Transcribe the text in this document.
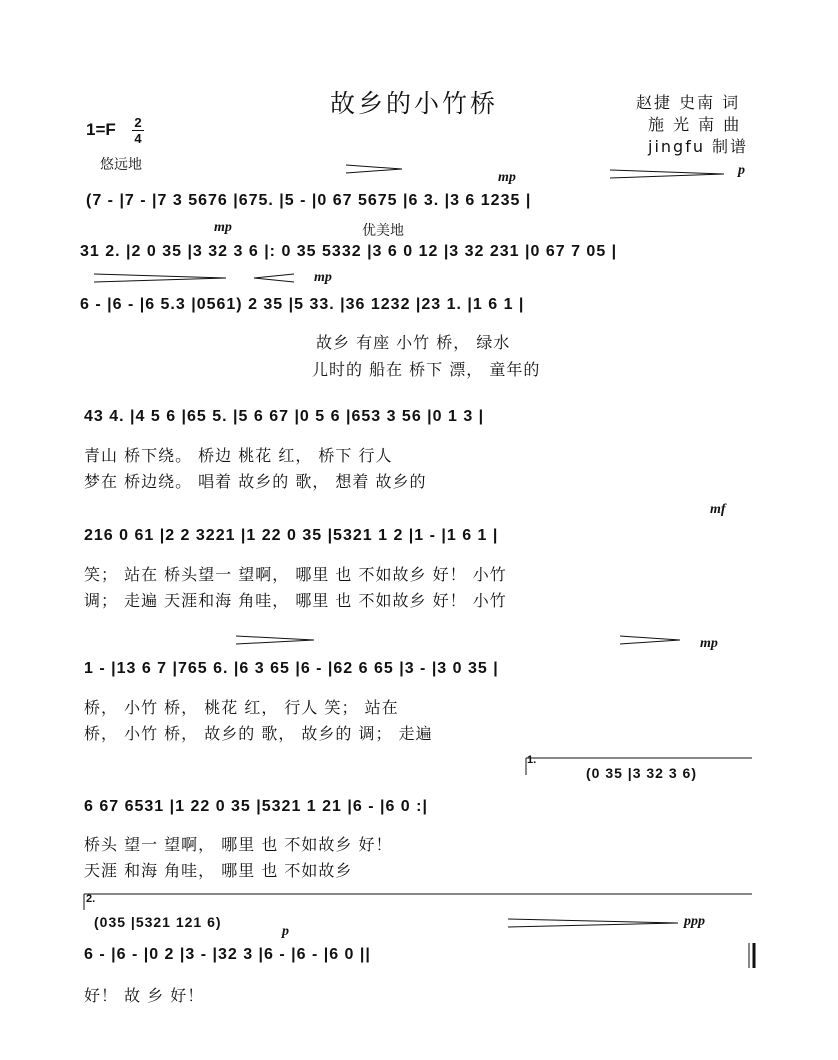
故乡的小竹桥	赵捷 史南 词
施 光 南 曲
jingfu 制谱
1=F 2
4
悠远地
优美地
mp	p
mp
mp
mf
mp
p
ppp
(7 - |7 - |7 3 5676 |675. |5 - |0 67 5675 |6 3. |3 6 1235 |
31 2. |2 0 35 |3 32 3 6 |: 0 35 5332 |3 6 0 12 |3 32 231 |0 67 7 05 |
6 - |6 - |6 5.3 |0561) 2 35 |5 33. |36 1232 |23 1. |1 6 1 |
故乡 有座 小竹 桥， 绿水
儿时的 船在 桥下 漂， 童年的
43 4. |4 5 6 |65 5. |5 6 67 |0 5 6 |653 3 56 |0 1 3 |
青山 桥下绕。 桥边 桃花 红， 桥下 行人
梦在 桥边绕。 唱着 故乡的 歌， 想着 故乡的
216 0 61 |2 2 3221 |1 22 0 35 |5321 1 2 |1 - |1 6 1 |
笑； 站在 桥头望一 望啊， 哪里 也 不如故乡 好！ 小竹
调； 走遍 天涯和海 角哇， 哪里 也 不如故乡 好！ 小竹
1 - |13 6 7 |765 6. |6 3 65 |6 - |62 6 65 |3 - |3 0 35 |
桥， 小竹 桥， 桃花 红， 行人 笑； 站在
桥， 小竹 桥， 故乡的 歌， 故乡的 调； 走遍
1.
(0 35 |3 32 3 6)
6 67 6531 |1 22 0 35 |5321 1 21 |6 - |6 0 :|
桥头 望一 望啊， 哪里 也 不如故乡 好！
天涯 和海 角哇， 哪里 也 不如故乡
2.
(035 |5321 121 6)
6 - |6 - |0 2 |3 - |32 3 |6 - |6 - |6 0 ||
好！ 故 乡 好！
